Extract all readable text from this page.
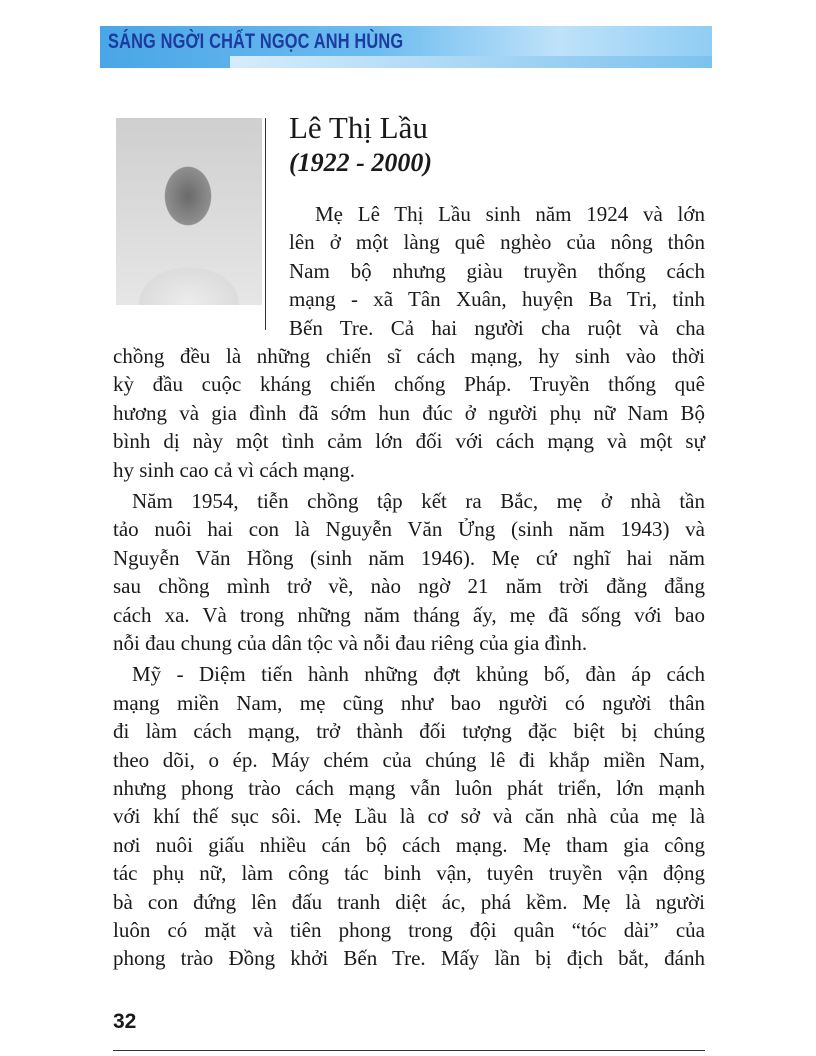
SÁNG NGỜI CHẤT NGỌC ANH HÙNG
Lê Thị Lầu
(1922 - 2000)
Mẹ Lê Thị Lầu sinh năm 1924 và lớn
lên ở một làng quê nghèo của nông thôn
Nam bộ nhưng giàu truyền thống cách
mạng - xã Tân Xuân, huyện Ba Tri, tỉnh
Bến Tre. Cả hai người cha ruột và cha
chồng đều là những chiến sĩ cách mạng, hy sinh vào thời
kỳ đầu cuộc kháng chiến chống Pháp. Truyền thống quê
hương và gia đình đã sớm hun đúc ở người phụ nữ Nam Bộ
bình dị này một tình cảm lớn đối với cách mạng và một sự
hy sinh cao cả vì cách mạng.
Năm 1954, tiễn chồng tập kết ra Bắc, mẹ ở nhà tần
tảo nuôi hai con là Nguyễn Văn Ửng (sinh năm 1943) và
Nguyễn Văn Hồng (sinh năm 1946). Mẹ cứ nghĩ hai năm
sau chồng mình trở về, nào ngờ 21 năm trời đằng đẵng
cách xa. Và trong những năm tháng ấy, mẹ đã sống với bao
nỗi đau chung của dân tộc và nỗi đau riêng của gia đình.
Mỹ - Diệm tiến hành những đợt khủng bố, đàn áp cách
mạng miền Nam, mẹ cũng như bao người có người thân
đi làm cách mạng, trở thành đối tượng đặc biệt bị chúng
theo dõi, o ép. Máy chém của chúng lê đi khắp miền Nam,
nhưng phong trào cách mạng vẫn luôn phát triển, lớn mạnh
với khí thế sục sôi. Mẹ Lầu là cơ sở và căn nhà của mẹ là
nơi nuôi giấu nhiều cán bộ cách mạng. Mẹ tham gia công
tác phụ nữ, làm công tác binh vận, tuyên truyền vận động
bà con đứng lên đấu tranh diệt ác, phá kềm. Mẹ là người
luôn có mặt và tiên phong trong đội quân “tóc dài” của
phong trào Đồng khởi Bến Tre. Mấy lần bị địch bắt, đánh
32
